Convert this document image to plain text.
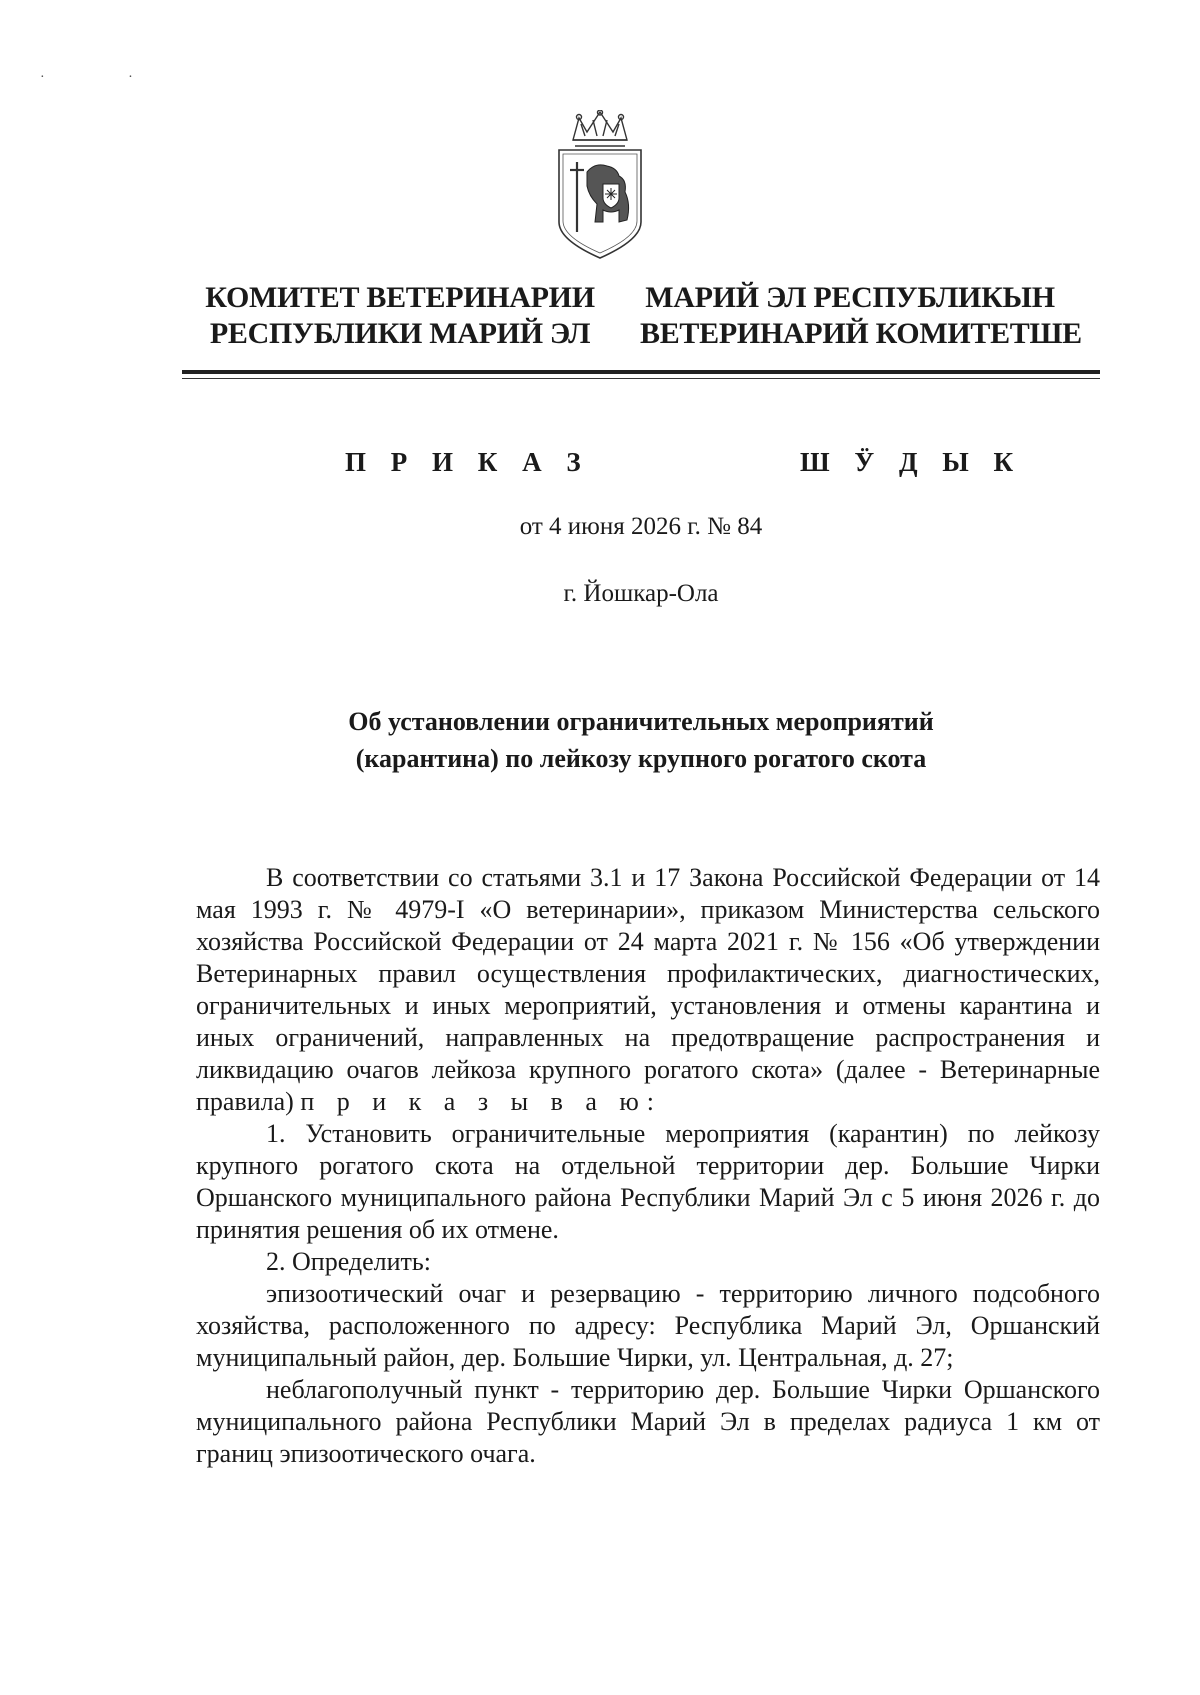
· ·
КОМИТЕТ ВЕТЕРИНАРИИ
РЕСПУБЛИКИ МАРИЙ ЭЛ
МАРИЙ ЭЛ РЕСПУБЛИКЫН
ВЕТЕРИНАРИЙ КОМИТЕТШЕ
П Р И К А З	Ш Ӱ Д Ы К
от 4 июня 2026 г. № 84
г. Йошкар-Ола
Об установлении ограничительных мероприятий
(карантина) по лейкозу крупного рогатого скота

В соответствии со статьями 3.1 и 17 Закона Российской Федерации от 14 мая 1993 г. № 4979-I «О ветеринарии», приказом Министерства сельского хозяйства Российской Федерации от 24 марта 2021 г. № 156 «Об утверждении Ветеринарных правил осуществления профилактических, диагностических, ограничительных и иных мероприятий, установления и отмены карантина и иных ограничений, направленных на предотвращение распространения и ликвидацию очагов лейкоза крупного рогатого скота» (далее - Ветеринарные правила) п р и к а з ы в а ю:

1. Установить ограничительные мероприятия (карантин) по лейкозу крупного рогатого скота на отдельной территории дер. Большие Чирки Оршанского муниципального района Республики Марий Эл с 5 июня 2026 г. до принятия решения об их отмене.

2. Определить:

эпизоотический очаг и резервацию - территорию личного подсобного хозяйства, расположенного по адресу: Республика Марий Эл, Оршанский муниципальный район, дер. Большие Чирки, ул. Центральная, д. 27;

неблагополучный пункт - территорию дер. Большие Чирки Оршанского муниципального района Республики Марий Эл в пределах радиуса 1 км от границ эпизоотического очага.
